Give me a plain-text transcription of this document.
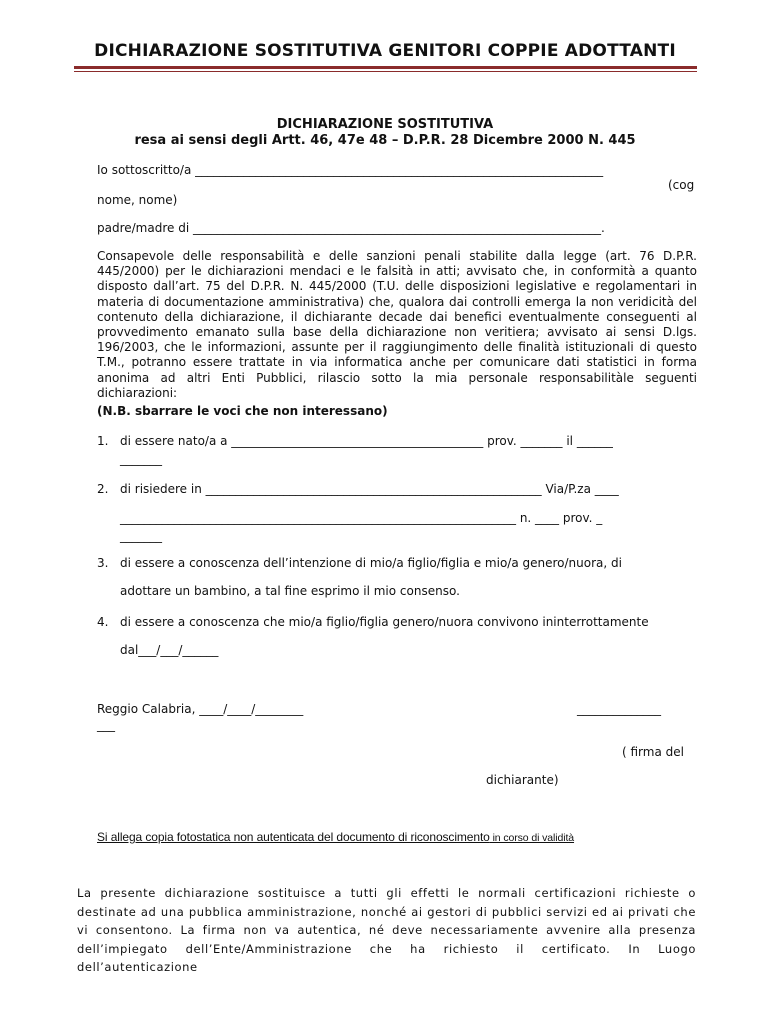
DICHIARAZIONE SOSTITUTIVA GENITORI COPPIE ADOTTANTI
DICHIARAZIONE SOSTITUTIVA
resa ai sensi degli Artt. 46, 47e 48 – D.P.R. 28 Dicembre 2000 N. 445
Io sottoscritto/a ____________________________________________________________________
(cog
nome, nome)
padre/madre di ____________________________________________________________________.

Consapevole delle responsabilità e delle sanzioni penali stabilite dalla legge (art. 76 D.P.R. 445/2000) per le dichiarazioni mendaci e le falsità in atti; avvisato che, in conformità a quanto disposto dall’art. 75 del D.P.R. N. 445/2000 (T.U. delle disposizioni legislative e regolamentari in materia di documentazione amministrativa) che, qualora dai controlli emerga la non veridicità del contenuto della dichiarazione, il dichiarante decade dai benefici eventualmente conseguenti al provvedimento emanato sulla base della dichiarazione non veritiera; avvisato ai sensi D.lgs. 196/2003, che le informazioni, assunte per il raggiungimento delle finalità istituzionali di questo T.M., potranno essere trattate in via informatica anche per comunicare dati statistici in forma anonima ad altri Enti Pubblici, rilascio sotto la mia personale responsabilitàle seguenti dichiarazioni:

(N.B. sbarrare le voci che non interessano)
1. di essere nato/a a __________________________________________ prov. _______ il ______
_______
2. di risiedere in ________________________________________________________ Via/P.za ____
__________________________________________________________________ n. ____ prov. _
_______
3. di essere a conoscenza dell’intenzione di mio/a figlio/figlia e mio/a genero/nuora, di
adottare un bambino, a tal fine esprimo il mio consenso.
4. di essere a conoscenza che mio/a figlio/figlia genero/nuora convivono ininterrottamente
dal___/___/______
Reggio Calabria, ____/____/________	______________
___
( firma del
dichiarante)
Si allega copia fotostatica non autenticata del documento di riconoscimento in corso di validità

La presente dichiarazione sostituisce a tutti gli effetti le normali certificazioni richieste o destinate ad una pubblica amministrazione, nonché ai gestori di pubblici servizi ed ai privati che vi consentono. La firma non va autentica, né deve necessariamente avvenire alla presenza dell’impiegato dell’Ente/Amministrazione che ha richiesto il certificato. In Luogo dell’autenticazione
